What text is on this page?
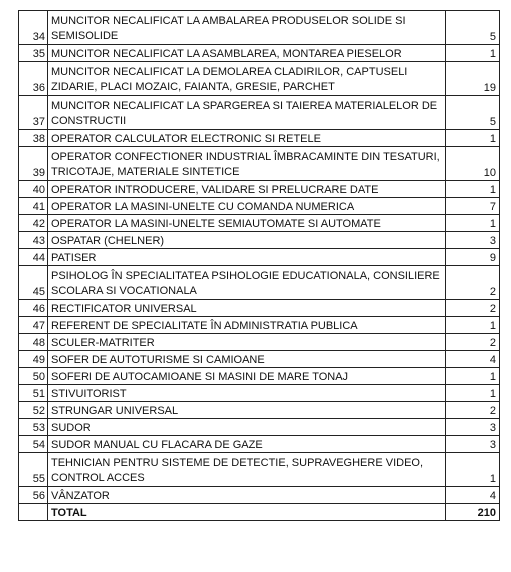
34	MUNCITOR NECALIFICAT LA AMBALAREA PRODUSELOR SOLIDE SI SEMISOLIDE	5
35	MUNCITOR NECALIFICAT LA ASAMBLAREA, MONTAREA PIESELOR	1
36	MUNCITOR NECALIFICAT LA DEMOLAREA CLADIRILOR, CAPTUSELI ZIDARIE, PLACI MOZAIC, FAIANTA, GRESIE, PARCHET	19
37	MUNCITOR NECALIFICAT LA SPARGEREA SI TAIEREA MATERIALELOR DE CONSTRUCTII	5
38	OPERATOR CALCULATOR ELECTRONIC SI RETELE	1
39	OPERATOR CONFECTIONER INDUSTRIAL ÎMBRACAMINTE DIN TESATURI, TRICOTAJE, MATERIALE SINTETICE	10
40	OPERATOR INTRODUCERE, VALIDARE SI PRELUCRARE DATE	1
41	OPERATOR LA MASINI-UNELTE CU COMANDA NUMERICA	7
42	OPERATOR LA MASINI-UNELTE SEMIAUTOMATE SI AUTOMATE	1
43	OSPATAR (CHELNER)	3
44	PATISER	9
45	PSIHOLOG ÎN SPECIALITATEA PSIHOLOGIE EDUCATIONALA, CONSILIERE SCOLARA SI VOCATIONALA	2
46	RECTIFICATOR UNIVERSAL	2
47	REFERENT DE SPECIALITATE ÎN ADMINISTRATIA PUBLICA	1
48	SCULER-MATRITER	2
49	SOFER DE AUTOTURISME SI CAMIOANE	4
50	SOFERI DE AUTOCAMIOANE SI MASINI DE MARE TONAJ	1
51	STIVUITORIST	1
52	STRUNGAR UNIVERSAL	2
53	SUDOR	3
54	SUDOR MANUAL CU FLACARA DE GAZE	3
55	TEHNICIAN PENTRU SISTEME DE DETECTIE, SUPRAVEGHERE VIDEO, CONTROL ACCES	1
56	VÂNZATOR	4
	TOTAL	210
